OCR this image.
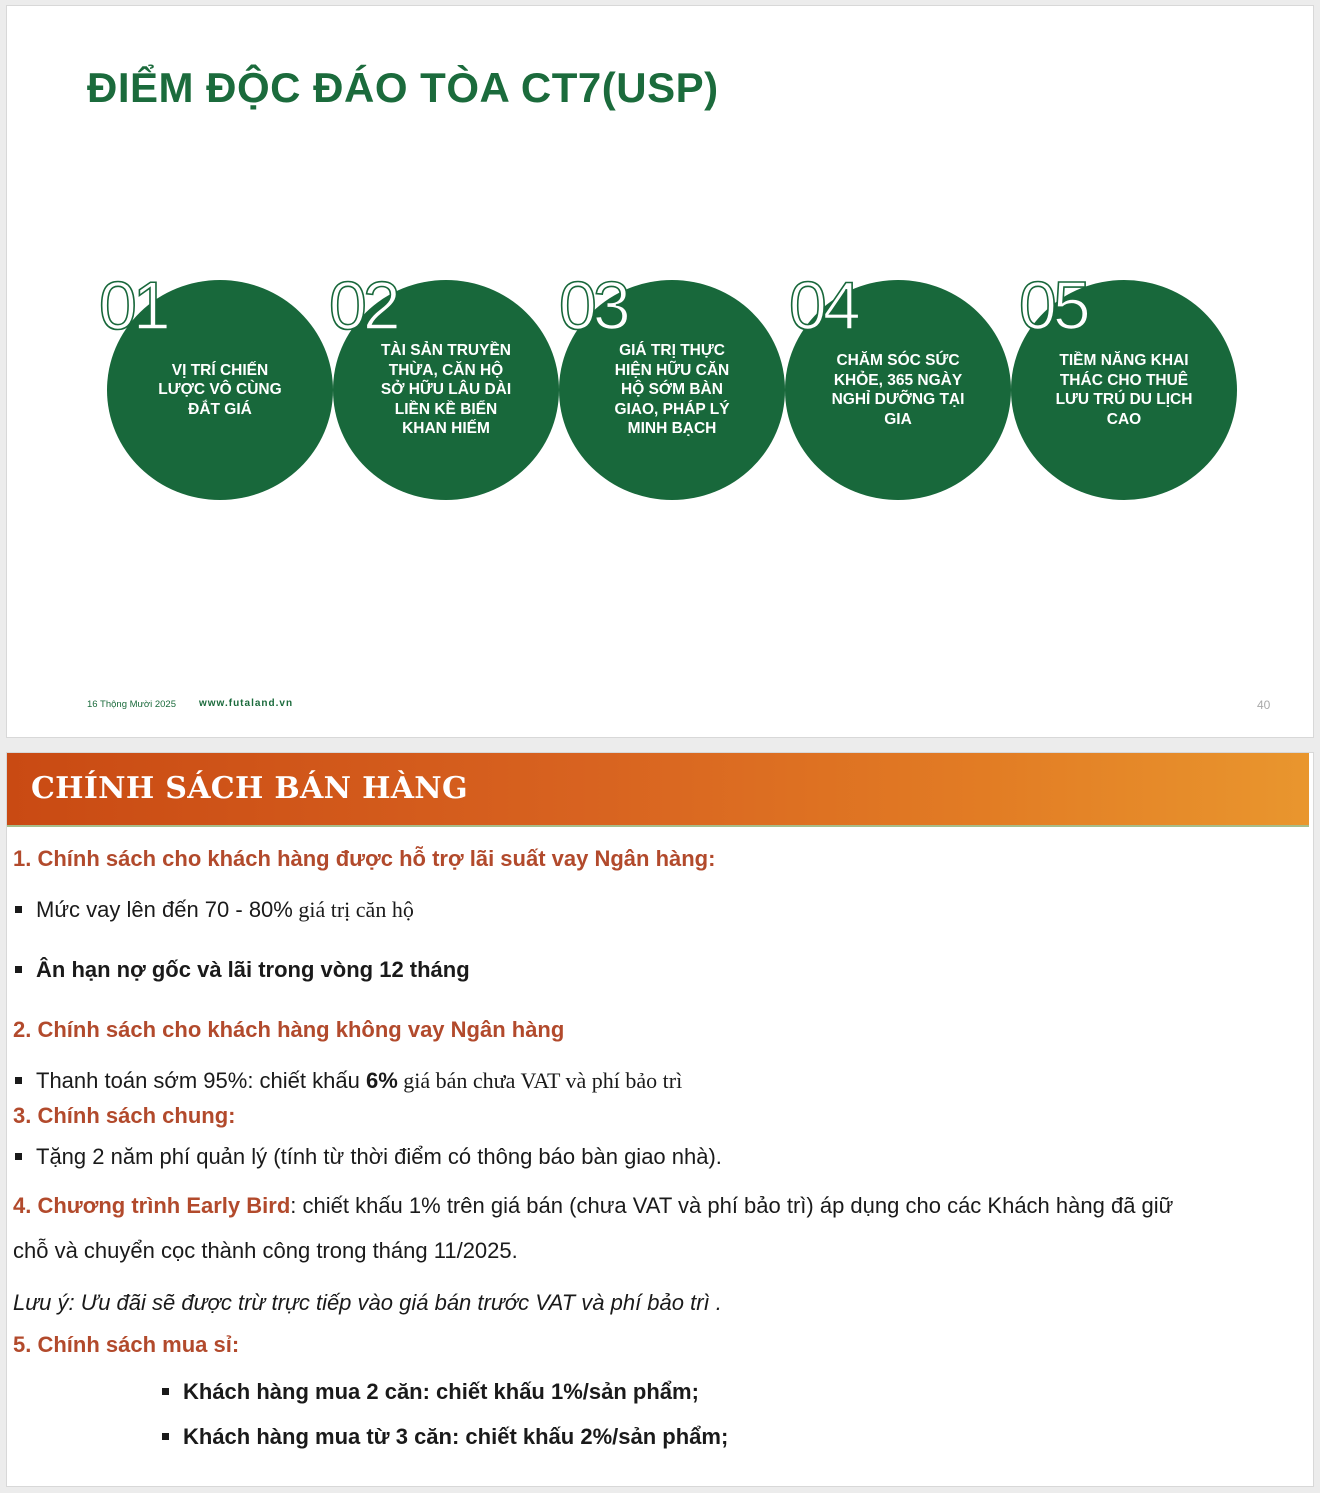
ĐIỂM ĐỘC ĐÁO TÒA CT7(USP)
VỊ TRÍ CHIẾN LƯỢC VÔ CÙNG ĐẮT GIÁ
01
TÀI SẢN TRUYỀN THỪA, CĂN HỘ SỞ HỮU LÂU DÀI LIỀN KỀ BIỂN KHAN HIẾM
02
GIÁ TRỊ THỰC HIỆN HỮU CĂN HỘ SỚM BÀN GIAO, PHÁP LÝ MINH BẠCH
03
CHĂM SÓC SỨC KHỎE, 365 NGÀY NGHỈ DƯỠNG TẠI GIA
04
TIỀM NĂNG KHAI THÁC CHO THUÊ LƯU TRÚ DU LỊCH CAO
05
16 Thộng Mười 2025 www.futaland.vn	40
CHÍNH SÁCH BÁN HÀNG
1. Chính sách cho khách hàng được hỗ trợ lãi suất vay Ngân hàng:
Mức vay lên đến 70 - 80% giá trị căn hộ
Ân hạn nợ gốc và lãi trong vòng 12 tháng
2. Chính sách cho khách hàng không vay Ngân hàng
Thanh toán sớm 95%: chiết khấu 6% giá bán chưa VAT và phí bảo trì
3. Chính sách chung:
Tặng 2 năm phí quản lý (tính từ thời điểm có thông báo bàn giao nhà).
4. Chương trình Early Bird: chiết khấu 1% trên giá bán (chưa VAT và phí bảo trì) áp dụng cho các Khách hàng đã giữ
chỗ và chuyển cọc thành công trong tháng 11/2025.
Lưu ý: Ưu đãi sẽ được trừ trực tiếp vào giá bán trước VAT và phí bảo trì .
5. Chính sách mua sỉ:
Khách hàng mua 2 căn: chiết khấu 1%/sản phẩm;
Khách hàng mua từ 3 căn: chiết khấu 2%/sản phẩm;
